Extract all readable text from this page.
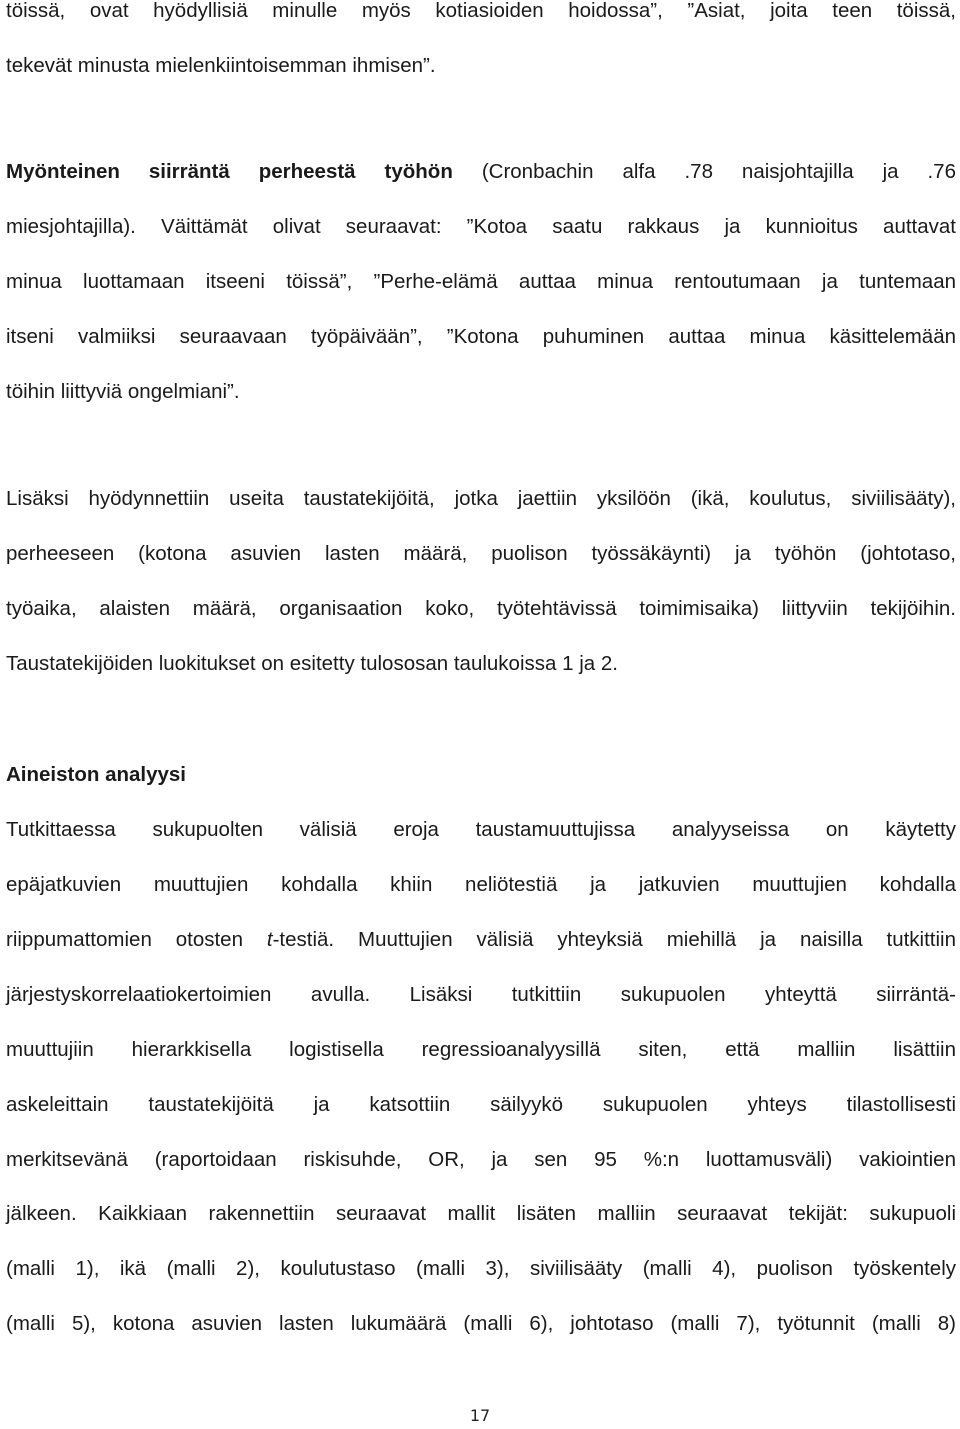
töissä, ovat hyödyllisiä minulle myös kotiasioiden hoidossa”, ”Asiat, joita teen töissä,
tekevät minusta mielenkiintoisemman ihmisen”.
Myönteinen siirräntä perheestä työhön (Cronbachin alfa .78 naisjohtajilla ja .76
miesjohtajilla). Väittämät olivat seuraavat: ”Kotoa saatu rakkaus ja kunnioitus auttavat
minua luottamaan itseeni töissä”, ”Perhe-elämä auttaa minua rentoutumaan ja tuntemaan
itseni valmiiksi seuraavaan työpäivään”, ”Kotona puhuminen auttaa minua käsittelemään
töihin liittyviä ongelmiani”.
Lisäksi hyödynnettiin useita taustatekijöitä, jotka jaettiin yksilöön (ikä, koulutus, siviilisääty),
perheeseen (kotona asuvien lasten määrä, puolison työssäkäynti) ja työhön (johtotaso,
työaika, alaisten määrä, organisaation koko, työtehtävissä toimimisaika) liittyviin tekijöihin.
Taustatekijöiden luokitukset on esitetty tulososan taulukoissa 1 ja 2.
Aineiston analyysi
Tutkittaessa sukupuolten välisiä eroja taustamuuttujissa analyyseissa on käytetty
epäjatkuvien muuttujien kohdalla khiin neliötestiä ja jatkuvien muuttujien kohdalla
riippumattomien otosten t-testiä. Muuttujien välisiä yhteyksiä miehillä ja naisilla tutkittiin
järjestyskorrelaatiokertoimien avulla. Lisäksi tutkittiin sukupuolen yhteyttä siirräntä-
muuttujiin hierarkkisella logistisella regressioanalyysillä siten, että malliin lisättiin
askeleittain taustatekijöitä ja katsottiin säilyykö sukupuolen yhteys tilastollisesti
merkitsevänä (raportoidaan riskisuhde, OR, ja sen 95 %:n luottamusväli) vakiointien
jälkeen. Kaikkiaan rakennettiin seuraavat mallit lisäten malliin seuraavat tekijät: sukupuoli
(malli 1), ikä (malli 2), koulutustaso (malli 3), siviilisääty (malli 4), puolison työskentely
(malli 5), kotona asuvien lasten lukumäärä (malli 6), johtotaso (malli 7), työtunnit (malli 8)
17
